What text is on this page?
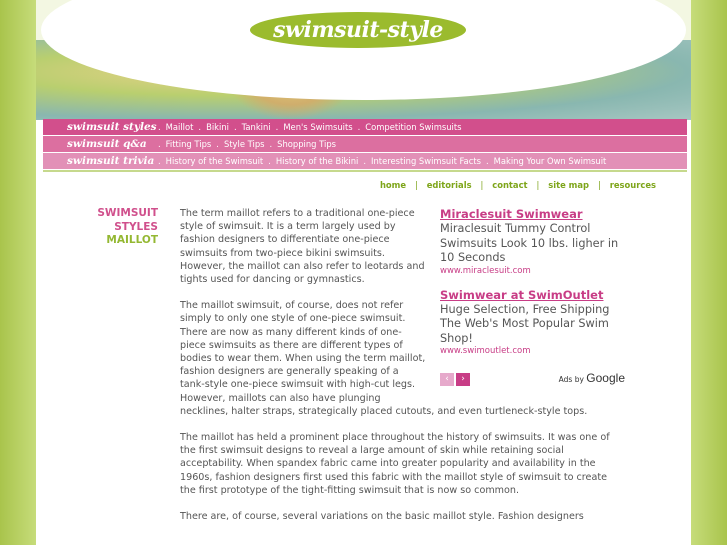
swimsuit-style
swimsuit styles . Maillot . Bikini . Tankini . Men's Swimsuits . Competition Swimsuits
swimsuit q&a	. Fitting Tips . Style Tips . Shopping Tips
swimsuit trivia . History of the Swimsuit . History of the Bikini . Interesting Swimsuit Facts . Making Your Own Swimsuit
home | editorials | contact | site map | resources
SWIMSUIT
STYLES
MAILLOT
Miraclesuit Swimwear
Miraclesuit Tummy Control Swimsuits Look 10 lbs. ligher in 10 Seconds
www.miraclesuit.com
Swimwear at SwimOutlet
Huge Selection, Free Shipping The Web's Most Popular Swim Shop!
www.swimoutlet.com
‹	›	Ads by Google

The term maillot refers to a traditional one-piece style of swimsuit. It is a term largely used by fashion designers to differentiate one-piece swimsuits from two-piece bikini swimsuits. However, the maillot can also refer to leotards and tights used for dancing or gymnastics.

The maillot swimsuit, of course, does not refer simply to only one style of one-piece swimsuit. There are now as many different kinds of one-piece swimsuits as there are different types of bodies to wear them. When using the term maillot, fashion designers are generally speaking of a tank-style one-piece swimsuit with high-cut legs. However, maillots can also have plunging necklines, halter straps, strategically placed cutouts, and even turtleneck-style tops.

The maillot has held a prominent place throughout the history of swimsuits. It was one of the first swimsuit designs to reveal a large amount of skin while retaining social acceptability. When spandex fabric came into greater popularity and availability in the 1960s, fashion designers first used this fabric with the maillot style of swimsuit to create the first prototype of the tight-fitting swimsuit that is now so common.

There are, of course, several variations on the basic maillot style. Fashion designers
